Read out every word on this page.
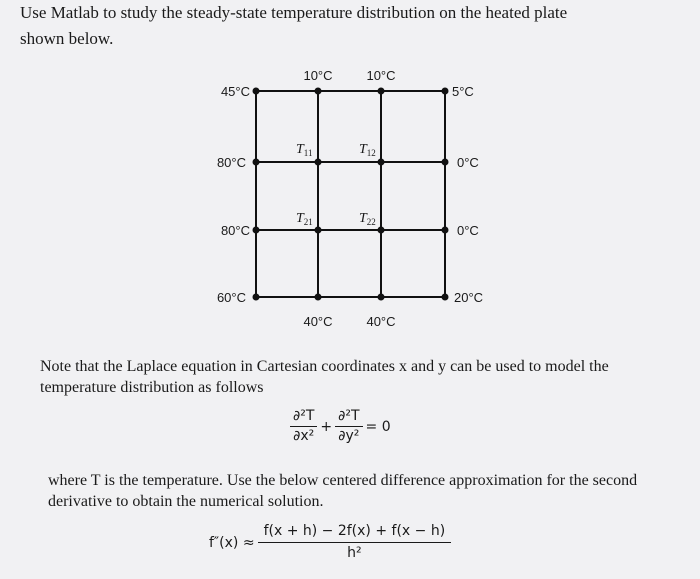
Use Matlab to study the steady-state temperature distribution on the heated plate
shown below.
10°C	10°C
40°C	40°C
45°C
80°C
80°C
60°C
5°C
0°C
0°C
20°C
$T_{11}$	$T_{12}$
$T_{21}$	$T_{22}$

Note that the Laplace equation in Cartesian coordinates x and y can be used to model the temperature distribution as follows

$\frac{\text{∂²T}}{\text{∂x²}} + \frac{\text{∂²T}}{\text{∂y²}} = 0$

where T is the temperature. Use the below centered difference approximation for the second derivative to obtain the numerical solution.

$f''(x) \approx \frac{f(x + h) - 2f(x) + f(x - h)}{\text{h²}}$
